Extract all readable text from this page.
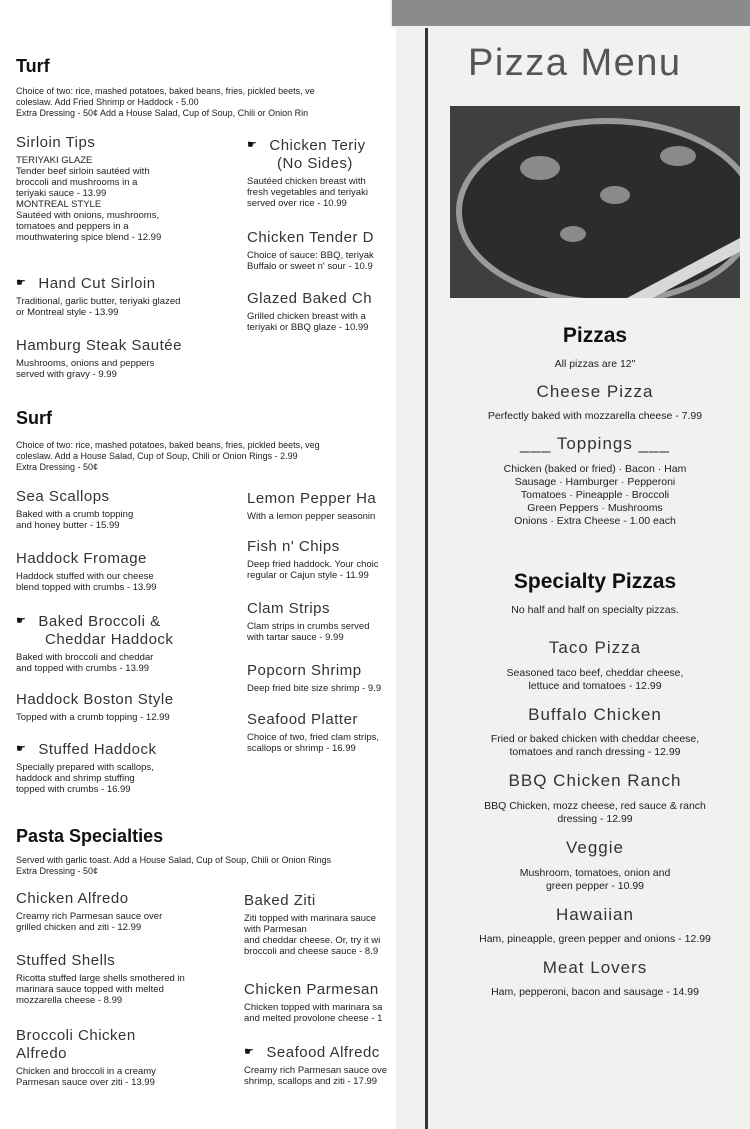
Turf
Choice of two: rice, mashed potatoes, baked beans, fries, pickled beets, ve
coleslaw. Add Fried Shrimp or Haddock - 5.00
Extra Dressing - 50¢ Add a House Salad, Cup of Soup, Chili or Onion Rin
Sirloin Tips
TERIYAKI GLAZE
Tender beef sirloin sautéed with
broccoli and mushrooms in a
teriyaki sauce - 13.99
MONTREAL STYLE
Sautéed with onions, mushrooms,
tomatoes and peppers in a
mouthwatering spice blend - 12.99
☛ Hand Cut Sirloin
Traditional, garlic butter, teriyaki glazed
or Montreal style - 13.99
Hamburg Steak Sautée
Mushrooms, onions and peppers
served with gravy - 9.99
☛ Chicken Teriy
(No Sides)
Sautéed chicken breast with
fresh vegetables and teriyaki
served over rice - 10.99
Chicken Tender D
Choice of sauce: BBQ, teriyak
Buffalo or sweet n' sour - 10.9
Glazed Baked Ch
Grilled chicken breast with a
teriyaki or BBQ glaze - 10.99
Surf
Choice of two: rice, mashed potatoes, baked beans, fries, pickled beets, veg
coleslaw. Add a House Salad, Cup of Soup, Chili or Onion Rings - 2.99
Extra Dressing - 50¢
Sea Scallops
Baked with a crumb topping
and honey butter - 15.99
Haddock Fromage
Haddock stuffed with our cheese
blend topped with crumbs - 13.99
☛ Baked Broccoli &
Cheddar Haddock
Baked with broccoli and cheddar
and topped with crumbs - 13.99
Haddock Boston Style
Topped with a crumb topping - 12.99
☛ Stuffed Haddock
Specially prepared with scallops,
haddock and shrimp stuffing
topped with crumbs - 16.99
Lemon Pepper Ha
With a lemon pepper seasonin
Fish n' Chips
Deep fried haddock. Your choic
regular or Cajun style - 11.99
Clam Strips
Clam strips in crumbs served
with tartar sauce - 9.99
Popcorn Shrimp
Deep fried bite size shrimp - 9.9
Seafood Platter
Choice of two, fried clam strips,
scallops or shrimp - 16.99
Pasta Specialties
Served with garlic toast. Add a House Salad, Cup of Soup, Chili or Onion Rings
Extra Dressing - 50¢
Chicken Alfredo
Creamy rich Parmesan sauce over
grilled chicken and ziti - 12.99
Stuffed Shells
Ricotta stuffed large shells smothered in
marinara sauce topped with melted
mozzarella cheese - 8.99
Broccoli Chicken
Alfredo
Chicken and broccoli in a creamy
Parmesan sauce over ziti - 13.99
Baked Ziti
Ziti topped with marinara sauce
with Parmesan
and cheddar cheese. Or, try it wi
broccoli and cheese sauce - 8.9
Chicken Parmesan
Chicken topped with marinara sa
and melted provolone cheese - 1
☛ Seafood Alfredc
Creamy rich Parmesan sauce ove
shrimp, scallops and ziti - 17.99
Pizza Menu
Pizzas
All pizzas are 12"
Cheese Pizza
Perfectly baked with mozzarella cheese - 7.99
___ Toppings ___
Chicken (baked or fried) · Bacon · Ham
Sausage · Hamburger · Pepperoni
Tomatoes · Pineapple · Broccoli
Green Peppers · Mushrooms
Onions · Extra Cheese - 1.00 each
Specialty Pizzas
No half and half on specialty pizzas.
Taco Pizza
Seasoned taco beef, cheddar cheese,
lettuce and tomatoes - 12.99
Buffalo Chicken
Fried or baked chicken with cheddar cheese,
tomatoes and ranch dressing - 12.99
BBQ Chicken Ranch
BBQ Chicken, mozz cheese, red sauce & ranch
dressing - 12.99
Veggie
Mushroom, tomatoes, onion and
green pepper - 10.99
Hawaiian
Ham, pineapple, green pepper and onions - 12.99
Meat Lovers
Ham, pepperoni, bacon and sausage - 14.99
